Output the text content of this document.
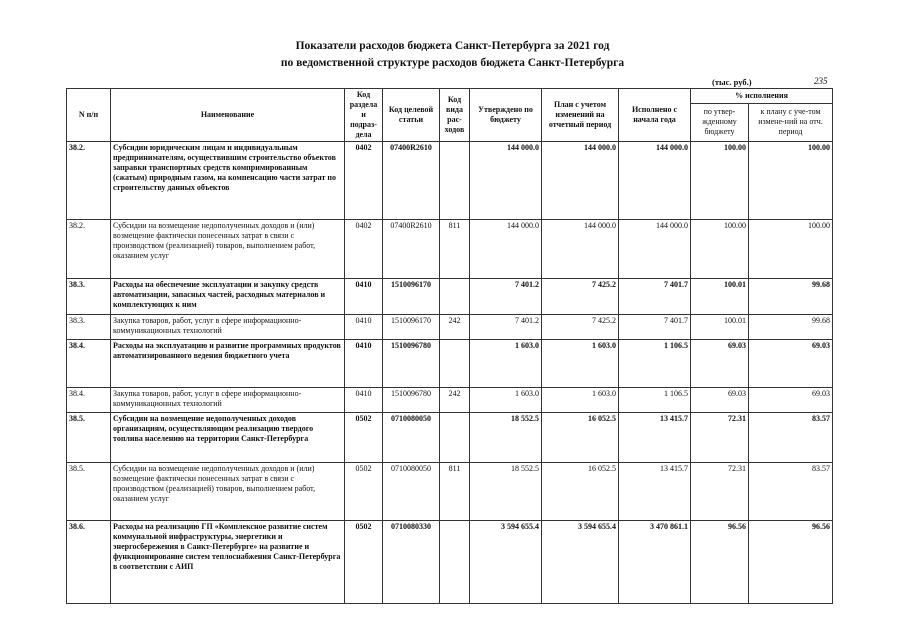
Показатели расходов бюджета Санкт-Петербурга за 2021 год
по ведомственной структуре расходов бюджета Санкт-Петербурга
(тыс. руб.)	235
N п/п	Наименование	Код раздела и подраз-дела	Код целевой статьи	Код вида рас-ходов	Утверждено по бюджету	План с учетом изменений на отчетный период	Исполнено с начала года	% исполнения	
								по утвер-жденному бюджету	к плану с уче-том измене-ний на отч. период
38.2.	Субсидии юридическим лицам и индивидуальным предпринимателям, осуществившим строительство объектов заправки транспортных средств компримированным (сжатым) природным газом, на компенсацию части затрат по строительству данных объектов	0402	07400R2610		144 000.0	144 000.0	144 000.0	100.00	100.00
38.2.	Субсидии на возмещение недополученных доходов и (или) возмещение фактически понесенных затрат в связи с производством (реализацией) товаров, выполнением работ, оказанием услуг	0402	07400R2610	811	144 000.0	144 000.0	144 000.0	100.00	100.00
38.3.	Расходы на обеспечение эксплуатации и закупку средств автоматизации, запасных частей, расходных материалов и комплектующих к ним	0410	1510096170		7 401.2	7 425.2	7 401.7	100.01	99.68
38.3.	Закупка товаров, работ, услуг в сфере информационно-коммуникационных технологий	0410	1510096170	242	7 401.2	7 425.2	7 401.7	100.01	99.68
38.4.	Расходы на эксплуатацию и развитие программных продуктов автоматизированного ведения бюджетного учета	0410	1510096780		1 603.0	1 603.0	1 106.5	69.03	69.03
38.4.	Закупка товаров, работ, услуг в сфере информационно-коммуникационных технологий	0410	1510096780	242	1 603.0	1 603.0	1 106.5	69.03	69.03
38.5.	Субсидии на возмещение недополученных доходов организациям, осуществляющим реализацию твердого топлива населению на территории Санкт-Петербурга	0502	0710080050		18 552.5	16 052.5	13 415.7	72.31	83.57
38.5.	Субсидии на возмещение недополученных доходов и (или) возмещение фактически понесенных затрат в связи с производством (реализацией) товаров, выполнением работ, оказанием услуг	0502	0710080050	811	18 552.5	16 052.5	13 415.7	72.31	83.57
38.6.	Расходы на реализацию ГП «Комплексное развитие систем коммунальной инфраструктуры, энергетики и энергосбережения в Санкт-Петербурге» на развитие и функционирование систем теплоснабжения Санкт-Петербурга в соответствии с АИП	0502	0710080330		3 594 655.4	3 594 655.4	3 470 861.1	96.56	96.56
